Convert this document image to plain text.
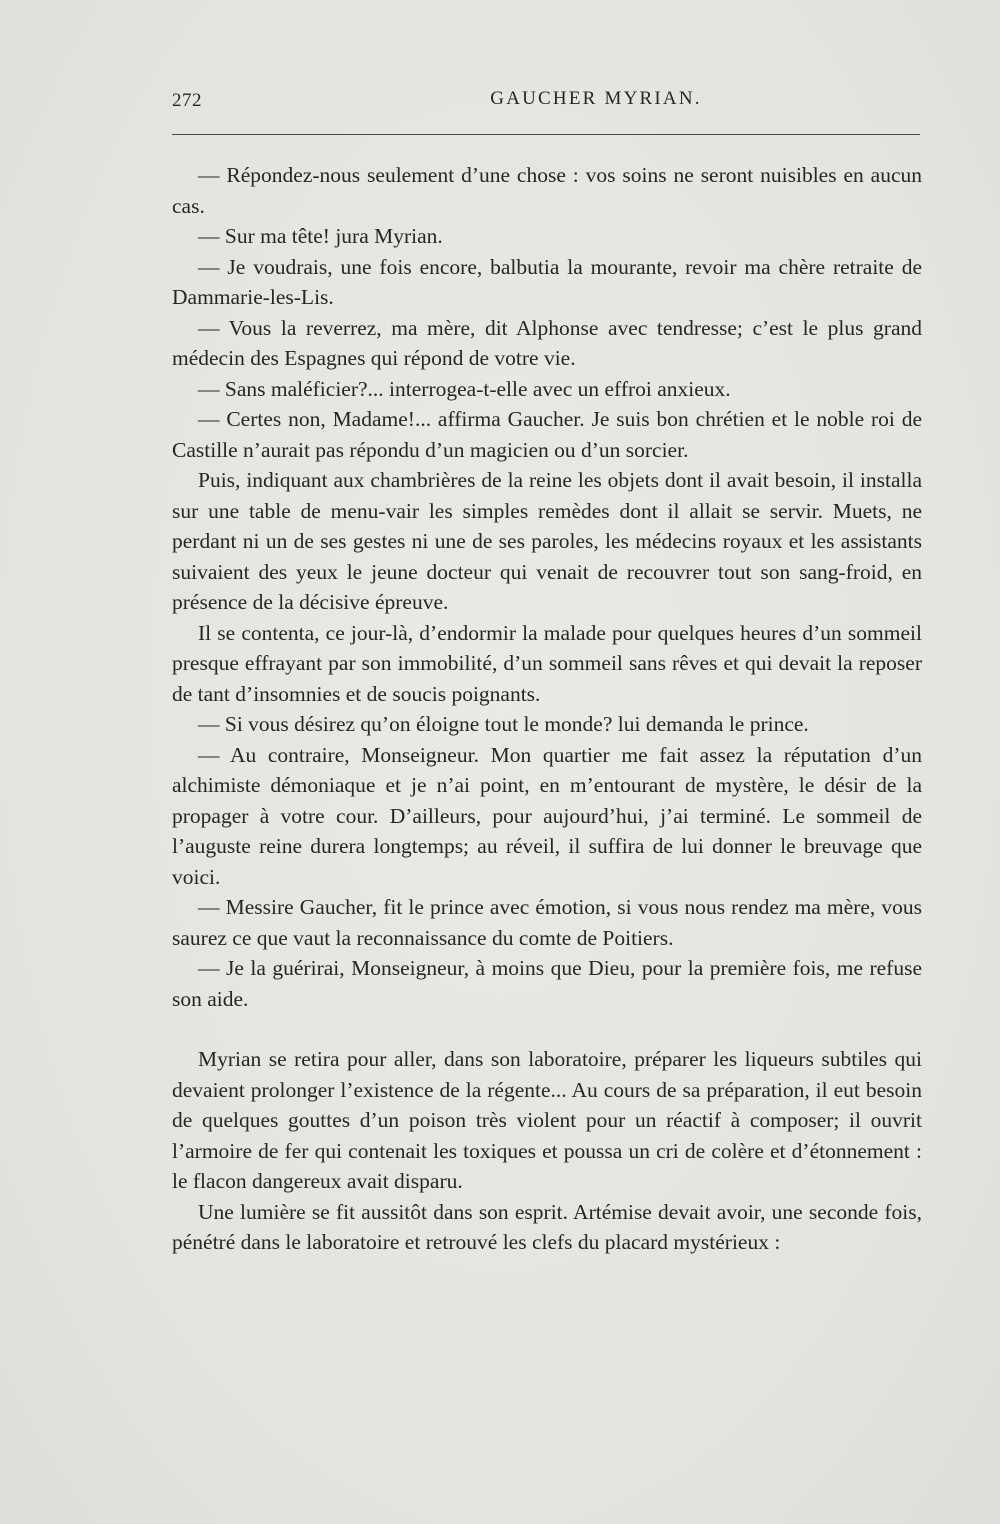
272	GAUCHER MYRIAN.

— Répondez-nous seulement d’une chose : vos soins ne seront nuisibles en aucun cas.

— Sur ma tête! jura Myrian.

— Je voudrais, une fois encore, balbutia la mourante, revoir ma chère retraite de Dammarie-les-Lis.

— Vous la reverrez, ma mère, dit Alphonse avec tendresse; c’est le plus grand médecin des Espagnes qui répond de votre vie.

— Sans maléficier?... interrogea-t-elle avec un effroi anxieux.

— Certes non, Madame!... affirma Gaucher. Je suis bon chrétien et le noble roi de Castille n’aurait pas répondu d’un magicien ou d’un sorcier.

Puis, indiquant aux chambrières de la reine les objets dont il avait besoin, il installa sur une table de menu-vair les simples remèdes dont il allait se servir. Muets, ne perdant ni un de ses gestes ni une de ses paroles, les médecins royaux et les assistants suivaient des yeux le jeune docteur qui venait de recouvrer tout son sang-froid, en présence de la décisive épreuve.

Il se contenta, ce jour-là, d’endormir la malade pour quelques heures d’un sommeil presque effrayant par son immobilité, d’un sommeil sans rêves et qui devait la reposer de tant d’insomnies et de soucis poignants.

— Si vous désirez qu’on éloigne tout le monde? lui demanda le prince.

— Au contraire, Monseigneur. Mon quartier me fait assez la réputation d’un alchimiste démoniaque et je n’ai point, en m’entourant de mystère, le désir de la propager à votre cour. D’ailleurs, pour aujourd’hui, j’ai terminé. Le sommeil de l’auguste reine durera longtemps; au réveil, il suffira de lui donner le breuvage que voici.

— Messire Gaucher, fit le prince avec émotion, si vous nous rendez ma mère, vous saurez ce que vaut la reconnaissance du comte de Poitiers.

— Je la guérirai, Monseigneur, à moins que Dieu, pour la première fois, me refuse son aide.

Myrian se retira pour aller, dans son laboratoire, préparer les liqueurs subtiles qui devaient prolonger l’existence de la régente... Au cours de sa préparation, il eut besoin de quelques gouttes d’un poison très violent pour un réactif à composer; il ouvrit l’armoire de fer qui contenait les toxiques et poussa un cri de colère et d’étonnement : le flacon dangereux avait disparu.

Une lumière se fit aussitôt dans son esprit. Artémise devait avoir, une seconde fois, pénétré dans le laboratoire et retrouvé les clefs du placard mystérieux :
